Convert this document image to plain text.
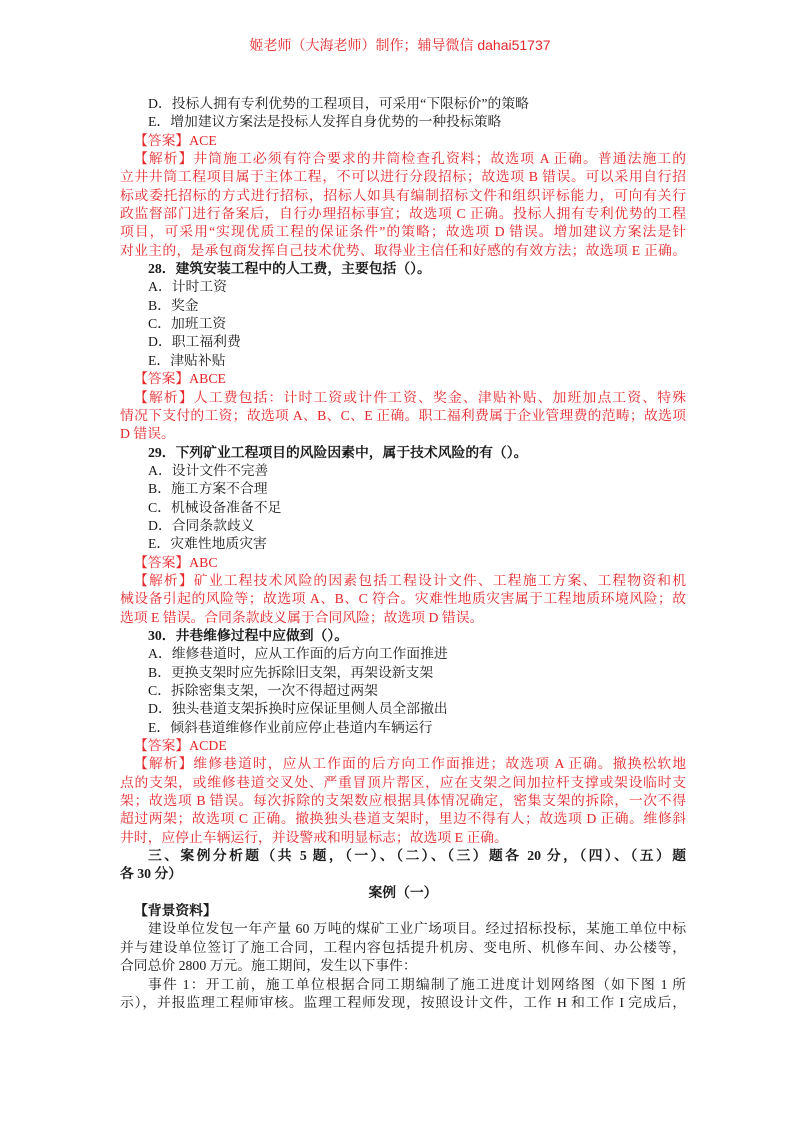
姬老师（大海老师）制作；辅导微信 dahai51737
D．投标人拥有专利优势的工程项目，可采用“下限标价”的策略
E．增加建议方案法是投标人发挥自身优势的一种投标策略
【答案】ACE
【解析】井筒施工必须有符合要求的井筒检查孔资料；故选项 A 正确。普通法施工的
立井井筒工程项目属于主体工程，不可以进行分段招标；故选项 B 错误。可以采用自行招
标或委托招标的方式进行招标，招标人如具有编制招标文件和组织评标能力，可向有关行
政监督部门进行备案后，自行办理招标事宜；故选项 C 正确。投标人拥有专利优势的工程
项目，可采用“实现优质工程的保证条件”的策略；故选项 D 错误。增加建议方案法是针
对业主的，是承包商发挥自己技术优势、取得业主信任和好感的有效方法；故选项 E 正确。
28．建筑安装工程中的人工费，主要包括（）。
A．计时工资
B．奖金
C．加班工资
D．职工福利费
E．津贴补贴
【答案】ABCE
【解析】人工费包括：计时工资或计件工资、奖金、津贴补贴、加班加点工资、特殊
情况下支付的工资；故选项 A、B、C、E 正确。职工福利费属于企业管理费的范畴；故选项
D 错误。
29．下列矿业工程项目的风险因素中，属于技术风险的有（）。
A．设计文件不完善
B．施工方案不合理
C．机械设备准备不足
D．合同条款歧义
E．灾难性地质灾害
【答案】ABC
【解析】矿业工程技术风险的因素包括工程设计文件、工程施工方案、工程物资和机
械设备引起的风险等；故选项 A、B、C 符合。灾难性地质灾害属于工程地质环境风险；故
选项 E 错误。合同条款歧义属于合同风险；故选项 D 错误。
30．井巷维修过程中应做到（）。
A．维修巷道时，应从工作面的后方向工作面推进
B．更换支架时应先拆除旧支架，再架设新支架
C．拆除密集支架，一次不得超过两架
D．独头巷道支架拆换时应保证里侧人员全部撤出
E．倾斜巷道维修作业前应停止巷道内车辆运行
【答案】ACDE
【解析】维修巷道时，应从工作面的后方向工作面推进；故选项 A 正确。撤换松软地
点的支架，或维修巷道交叉处、严重冒顶片帮区，应在支架之间加拉杆支撑或架设临时支
架；故选项 B 错误。每次拆除的支架数应根据具体情况确定，密集支架的拆除，一次不得
超过两架；故选项 C 正确。撤换独头巷道支架时，里边不得有人；故选项 D 正确。维修斜
井时，应停止车辆运行，并设警戒和明显标志；故选项 E 正确。
三、案例分析题（共 5 题，（一）、（二）、（三）题各 20 分，（四）、（五）题
各 30 分）
案例（一）
【背景资料】
建设单位发包一年产量 60 万吨的煤矿工业广场项目。经过招标投标，某施工单位中标
并与建设单位签订了施工合同，工程内容包括提升机房、变电所、机修车间、办公楼等，
合同总价 2800 万元。施工期间，发生以下事件：
事件 1：开工前，施工单位根据合同工期编制了施工进度计划网络图（如下图 1 所
示），并报监理工程师审核。监理工程师发现，按照设计文件，工作 H 和工作 I 完成后，
